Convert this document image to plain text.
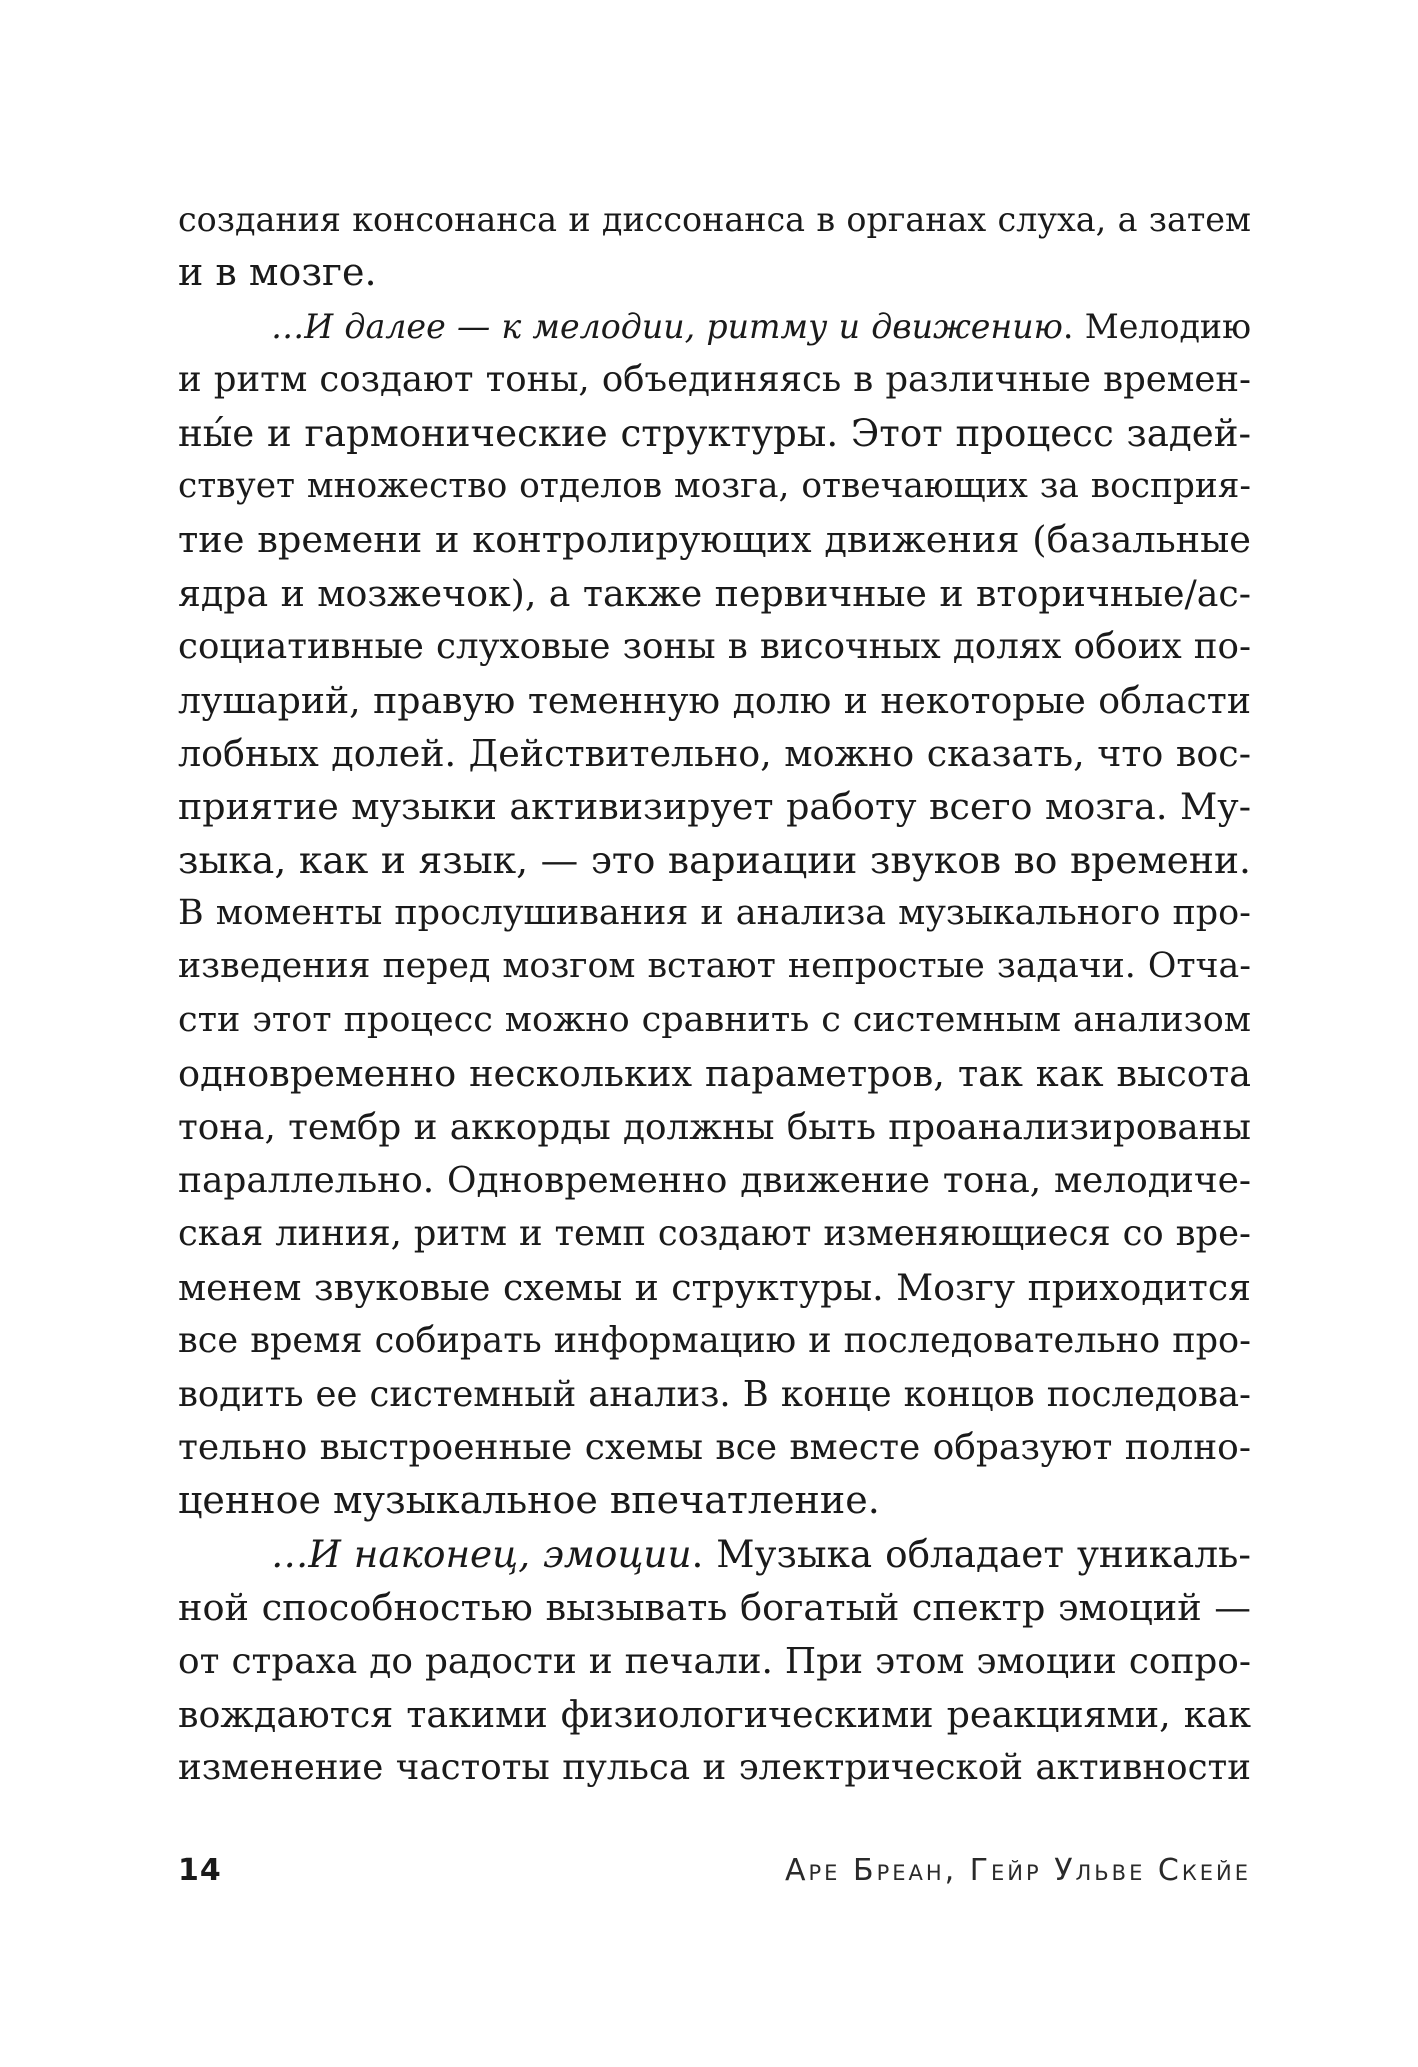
создания консонанса и диссонанса в органах слуха, а затем
и в мозге.
…И далее — к мелодии, ритму и движению. Мелодию
и ритм создают тоны, объединяясь в различные времен-
ны́е и гармонические структуры. Этот процесс задей-
ствует множество отделов мозга, отвечающих за восприя-
тие времени и контролирующих движения (базальные
ядра и мозжечок), а также первичные и вторичные/ас-
социативные слуховые зоны в височных долях обоих по-
лушарий, правую теменную долю и некоторые области
лобных долей. Действительно, можно сказать, что вос-
приятие музыки активизирует работу всего мозга. Му-
зыка, как и язык, — это вариации звуков во времени.
В моменты прослушивания и анализа музыкального про-
изведения перед мозгом встают непростые задачи. Отча-
сти этот процесс можно сравнить с системным анализом
одновременно нескольких параметров, так как высота
тона, тембр и аккорды должны быть проанализированы
параллельно. Одновременно движение тона, мелодиче-
ская линия, ритм и темп создают изменяющиеся со вре-
менем звуковые схемы и структуры. Мозгу приходится
все время собирать информацию и последовательно про-
водить ее системный анализ. В конце концов последова-
тельно выстроенные схемы все вместе образуют полно-
ценное музыкальное впечатление.
…И наконец, эмоции. Музыка обладает уникаль-
ной способностью вызывать богатый спектр эмоций —
от страха до радости и печали. При этом эмоции сопро-
вождаются такими физиологическими реакциями, как
изменение частоты пульса и электрической активности
14	Аре Бреан, Гейр Ульве Скейе
